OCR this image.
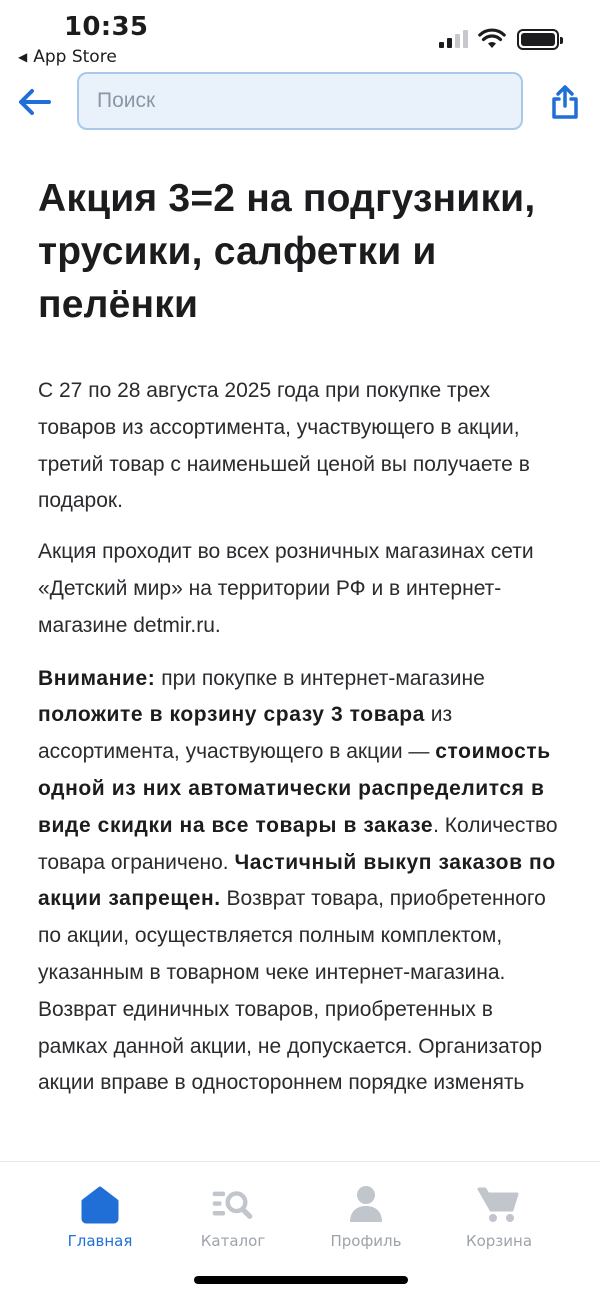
10:35
◀ App Store
Поиск
Акция 3=2 на подгузники, трусики, салфетки и пелёнки

С 27 по 28 августа 2025 года при покупке трех товаров из ассортимента, участвующего в акции, третий товар с наименьшей ценой вы получаете в подарок.

Акция проходит во всех розничных магазинах сети «Детский мир» на территории РФ и в интернет-магазине detmir.ru.

Внимание: при покупке в интернет-магазине положите в корзину сразу 3 товара из ассортимента, участвующего в акции — стоимость одной из них автоматически распределится в виде скидки на все товары в заказе. Количество товара ограничено. Частичный выкуп заказов по акции запрещен. Возврат товара, приобретенного по акции, осуществляется полным комплектом, указанным в товарном чеке интернет-магазина. Возврат единичных товаров, приобретенных в рамках данной акции, не допускается. Организатор акции вправе в одностороннем порядке изменять

Главная	Каталог	Профиль	Корзина
